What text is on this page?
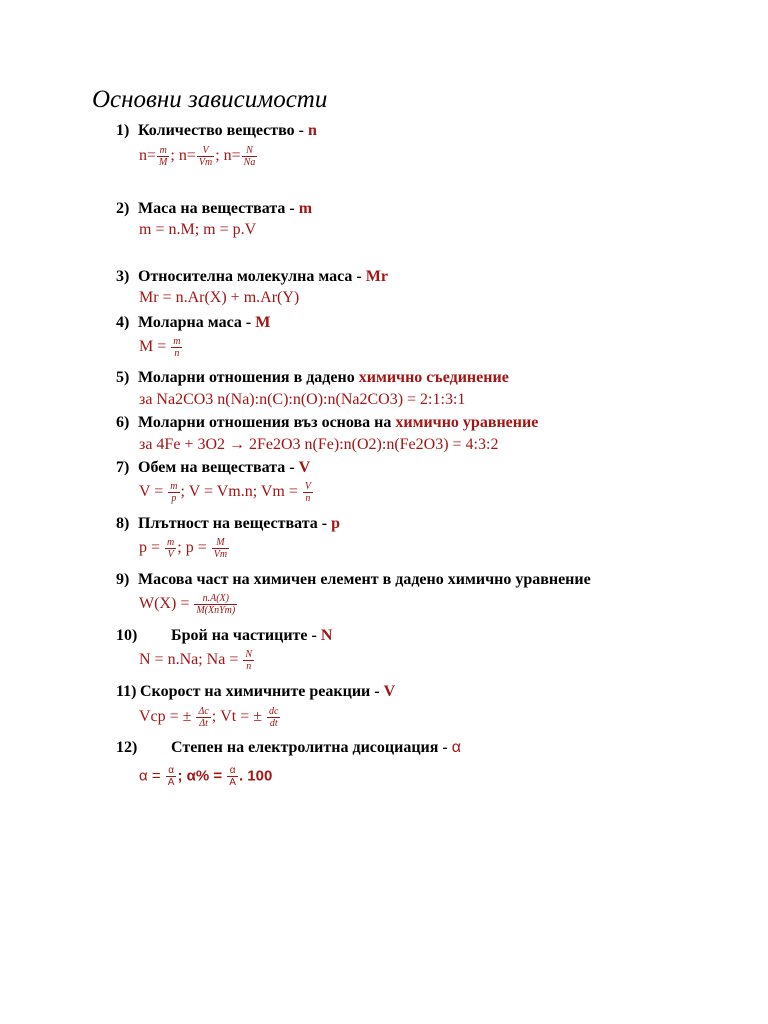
Основни зависимости
1) Количество вещество - n
$n= \frac{m}{M}$ ; $n= \frac{V}{Vm}$ ; $n= \frac{N}{Na}$
2) Маса на веществата - m
m = n.M; m = p.V
3) Относителна молекулна маса - Mr
Mr = n.Ar(X) + m.Ar(Y)
4) Моларна маса - M
$M = \frac{m}{n}$
5) Моларни отношения в дадено химично съединение
за Na2CO3 n(Na):n(C):n(O):n(Na2CO3) = 2:1:3:1
6) Моларни отношения въз основа на химично уравнение
за 4Fe + 3O2 → 2Fe2O3 n(Fe):n(O2):n(Fe2O3) = 4:3:2
7) Обем на веществата - V
$V = \frac{m}{p}$ ; V = Vm.n; $Vm = \frac{V}{n}$
8) Плътност на веществата - p
$p = \frac{m}{V}$ ; $p = \frac{M}{Vm}$
9) Масова част на химичен елемент в дадено химично уравнение
$W(X) = \frac{n.A(X)}{\text{M(XnYm)}}$
10) Брой на частиците - N
N = n.Na; $Na = \frac{N}{n}$
11) Скорост на химичните реакции - V
Vср = ± $\frac{\Delta c}{\Delta t}$ ; Vt = ± $\frac{dc}{dt}$
12) Степен на електролитна дисоциация - α
$\alpha = \frac{\alpha}{A}$ ; $\alpha\% = \frac{\alpha}{A}$ . 100
